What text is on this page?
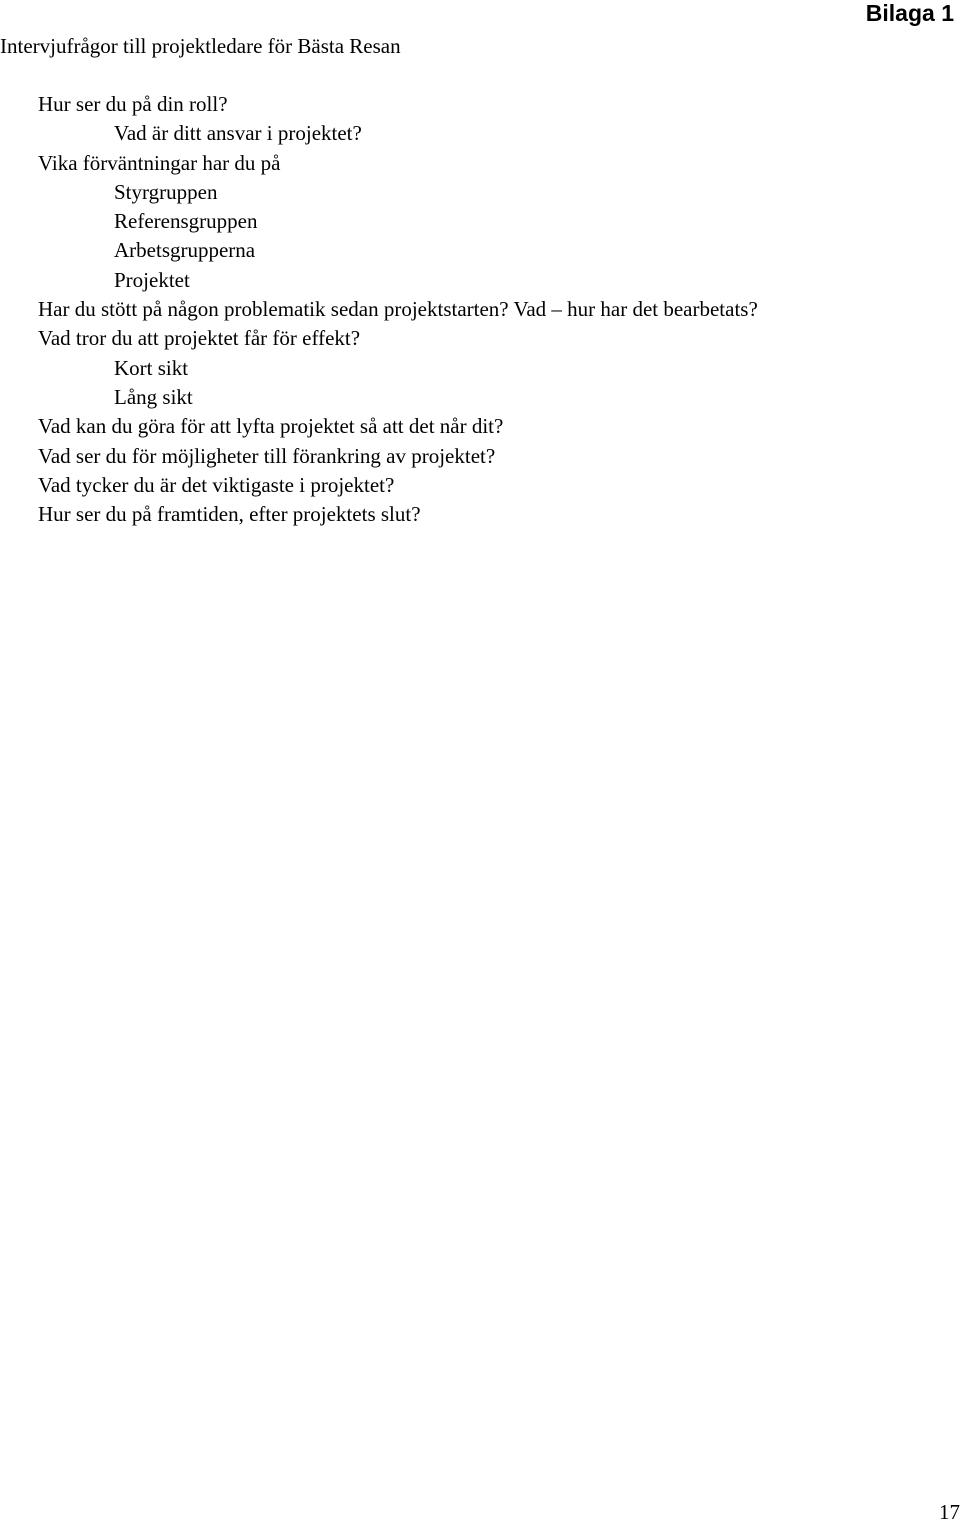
Bilaga 1
Intervjufrågor till projektledare för Bästa Resan
Hur ser du på din roll?
Vad är ditt ansvar i projektet?
Vika förväntningar har du på
Styrgruppen
Referensgruppen
Arbetsgrupperna
Projektet
Har du stött på någon problematik sedan projektstarten? Vad – hur har det bearbetats?
Vad tror du att projektet får för effekt?
Kort sikt
Lång sikt
Vad kan du göra för att lyfta projektet så att det når dit?
Vad ser du för möjligheter till förankring av projektet?
Vad tycker du är det viktigaste i projektet?
Hur ser du på framtiden, efter projektets slut?
17
